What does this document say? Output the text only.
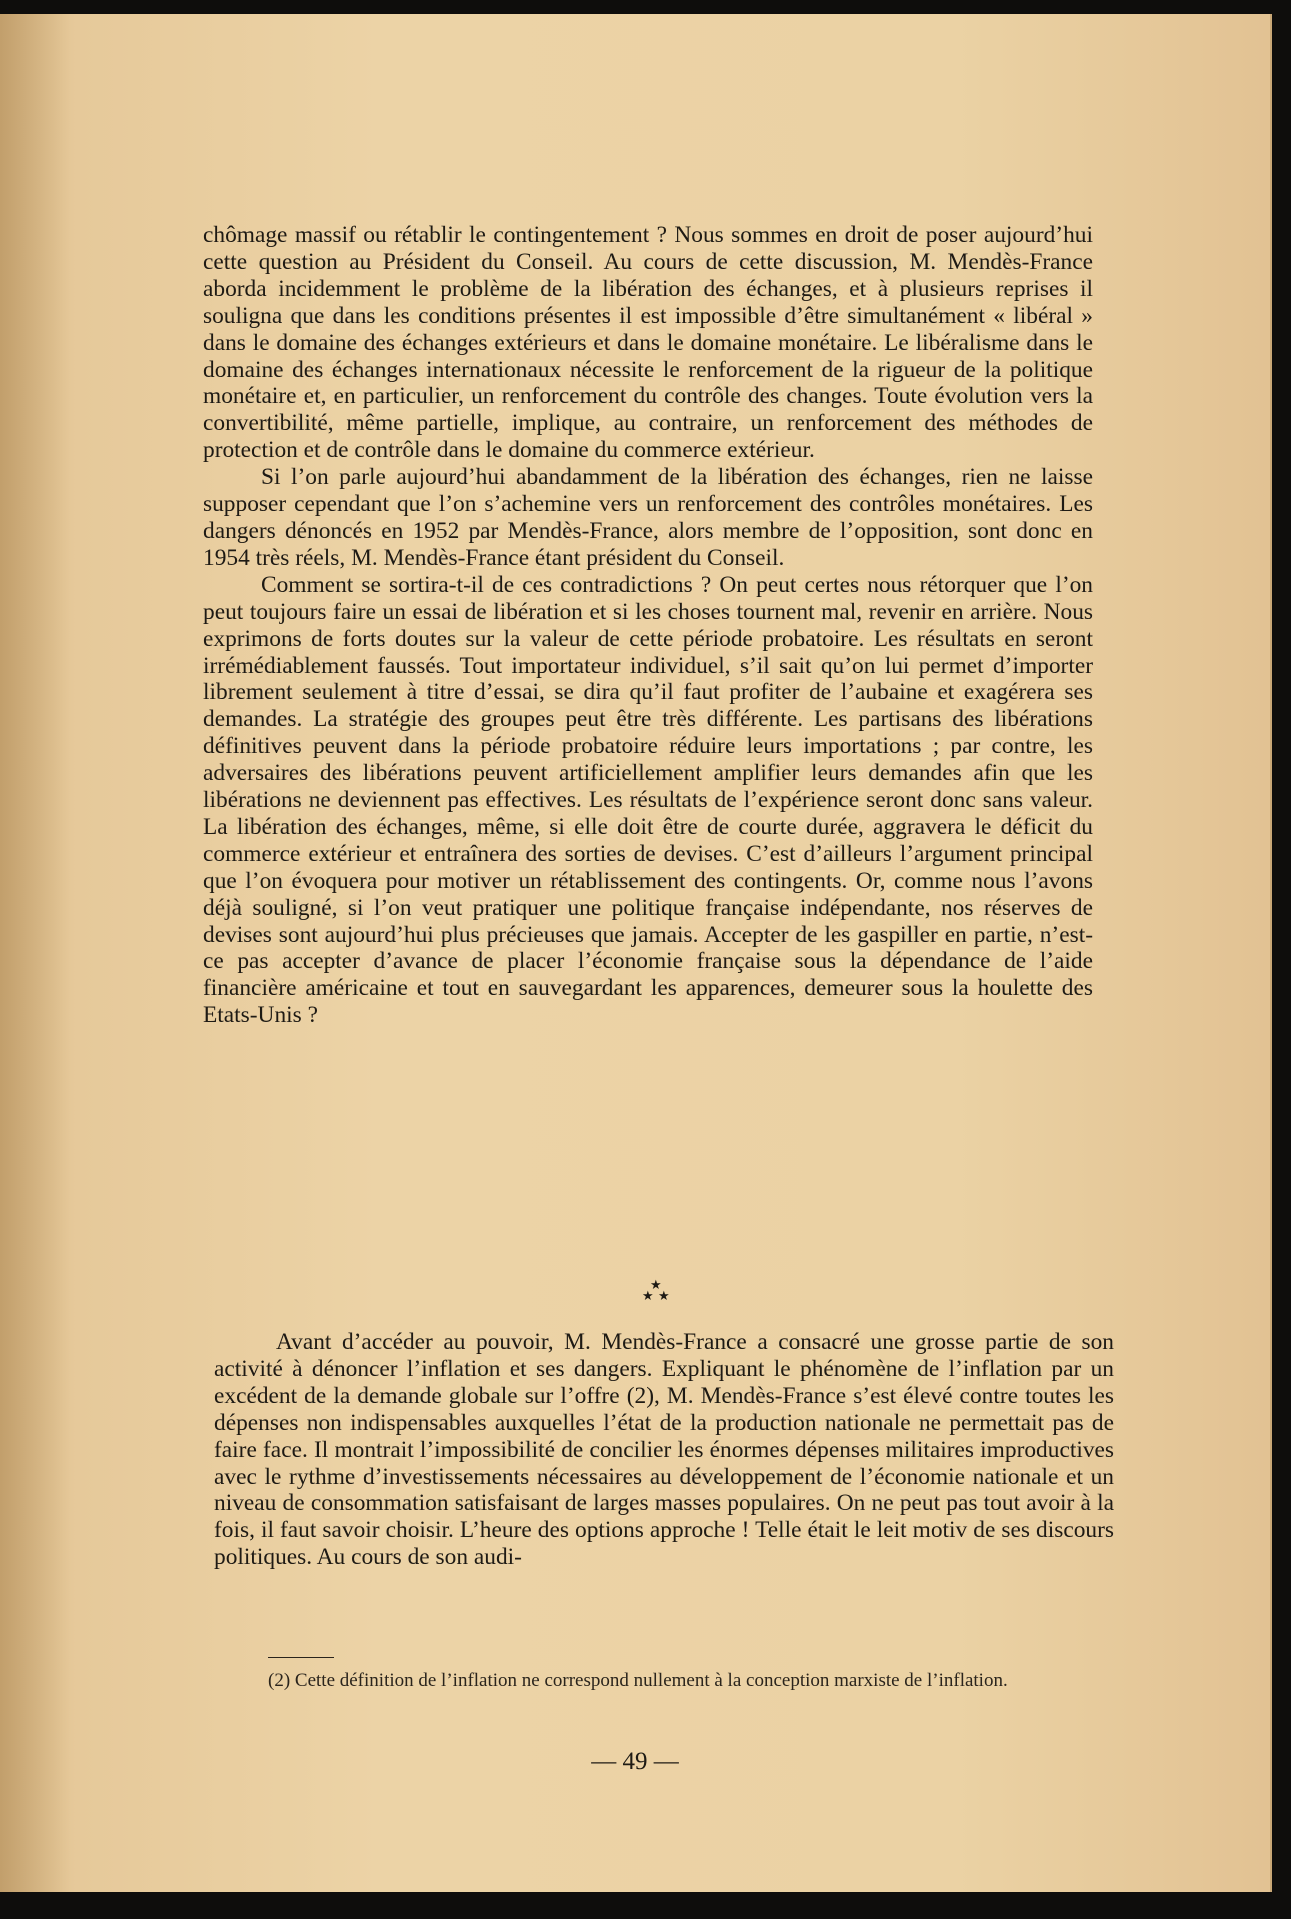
chômage massif ou rétablir le contingentement ? Nous sommes en droit de poser aujourd’hui cette question au Président du Conseil. Au cours de cette discussion, M. Mendès-France aborda incidemment le problème de la libération des échanges, et à plusieurs reprises il souligna que dans les conditions présentes il est impossible d’être simultanément « libéral » dans le domaine des échanges extérieurs et dans le domaine monétaire. Le libéralisme dans le domaine des échanges internationaux nécessite le renforcement de la rigueur de la politique monétaire et, en particulier, un renforcement du contrôle des changes. Toute évolution vers la convertibilité, même partielle, implique, au contraire, un renforcement des méthodes de protection et de contrôle dans le domaine du commerce extérieur.

Si l’on parle aujourd’hui abandamment de la libération des échanges, rien ne laisse supposer cependant que l’on s’achemine vers un renforcement des contrôles monétaires. Les dangers dénoncés en 1952 par Mendès-France, alors membre de l’opposition, sont donc en 1954 très réels, M. Mendès-France étant président du Conseil.

Comment se sortira-t-il de ces contradictions ? On peut certes nous rétorquer que l’on peut toujours faire un essai de libération et si les choses tournent mal, revenir en arrière. Nous exprimons de forts doutes sur la valeur de cette période probatoire. Les résultats en seront irrémédiablement faussés. Tout importateur individuel, s’il sait qu’on lui permet d’importer librement seulement à titre d’essai, se dira qu’il faut profiter de l’aubaine et exagérera ses demandes. La stratégie des groupes peut être très différente. Les partisans des libérations définitives peuvent dans la période probatoire réduire leurs importations ; par contre, les adversaires des libérations peuvent artificiellement amplifier leurs demandes afin que les libérations ne deviennent pas effectives. Les résultats de l’expérience seront donc sans valeur. La libération des échanges, même, si elle doit être de courte durée, aggravera le déficit du commerce extérieur et entraînera des sorties de devises. C’est d’ailleurs l’argument principal que l’on évoquera pour motiver un rétablissement des contingents. Or, comme nous l’avons déjà souligné, si l’on veut pratiquer une politique française indépendante, nos réserves de devises sont aujourd’hui plus précieuses que jamais. Accepter de les gaspiller en partie, n’est-ce pas accepter d’avance de placer l’économie française sous la dépendance de l’aide financière américaine et tout en sauvegardant les apparences, demeurer sous la houlette des Etats-Unis ?

★
★ ★

Avant d’accéder au pouvoir, M. Mendès-France a consacré une grosse partie de son activité à dénoncer l’inflation et ses dangers. Expliquant le phénomène de l’inflation par un excédent de la demande globale sur l’offre (2), M. Mendès-France s’est élevé contre toutes les dépenses non indispensables auxquelles l’état de la production nationale ne permettait pas de faire face. Il montrait l’impossibilité de concilier les énormes dépenses militaires improductives avec le rythme d’investissements nécessaires au développement de l’économie nationale et un niveau de consommation satisfaisant de larges masses populaires. On ne peut pas tout avoir à la fois, il faut savoir choisir. L’heure des options approche ! Telle était le leit motiv de ses discours politiques. Au cours de son audi-

(2) Cette définition de l’inflation ne correspond nullement à la conception marxiste de l’inflation.
— 49 —
